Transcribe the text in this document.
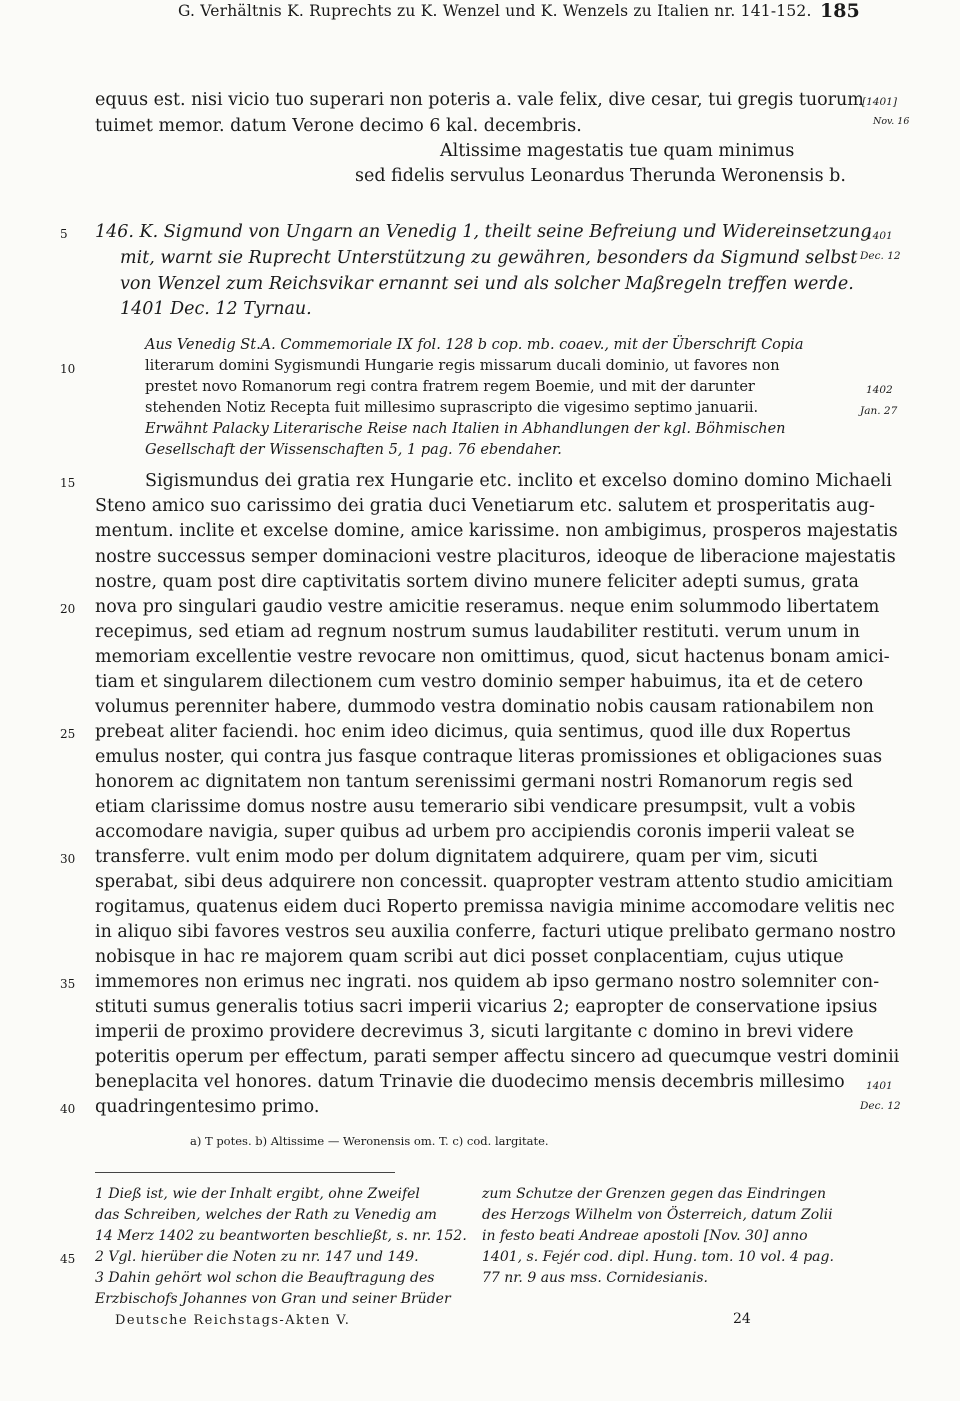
G. Verhältnis K. Ruprechts zu K. Wenzel und K. Wenzels zu Italien nr. 141-152. 185
equus est. nisi vicio tuo superari non poteris a. vale felix, dive cesar, tui gregis tuorum
tuimet memor. datum Verone decimo 6 kal. decembris.
Altissime magestatis tue quam minimus
sed fidelis servulus Leonardus Therunda Weronensis b.
146. K. Sigmund von Ungarn an Venedig 1, theilt seine Befreiung und Widereinsetzung
mit, warnt sie Ruprecht Unterstützung zu gewähren, besonders da Sigmund selbst
von Wenzel zum Reichsvikar ernannt sei und als solcher Maßregeln treffen werde.
1401 Dec. 12 Tyrnau.
Aus Venedig St.A. Commemoriale IX fol. 128 b cop. mb. coaev., mit der Überschrift Copia
literarum domini Sygismundi Hungarie regis missarum ducali dominio, ut favores non
prestet novo Romanorum regi contra fratrem regem Boemie, und mit der darunter
stehenden Notiz Recepta fuit millesimo suprascripto die vigesimo septimo januarii.
Erwähnt Palacky Literarische Reise nach Italien in Abhandlungen der kgl. Böhmischen
Gesellschaft der Wissenschaften 5, 1 pag. 76 ebendaher.
Sigismundus dei gratia rex Hungarie etc. inclito et excelso domino domino Michaeli
Steno amico suo carissimo dei gratia duci Venetiarum etc. salutem et prosperitatis aug-
mentum. inclite et excelse domine, amice karissime. non ambigimus, prosperos majestatis
nostre successus semper dominacioni vestre placituros, ideoque de liberacione majestatis
nostre, quam post dire captivitatis sortem divino munere feliciter adepti sumus, grata
nova pro singulari gaudio vestre amicitie reseramus. neque enim solummodo libertatem
recepimus, sed etiam ad regnum nostrum sumus laudabiliter restituti. verum unum in
memoriam excellentie vestre revocare non omittimus, quod, sicut hactenus bonam amici-
tiam et singularem dilectionem cum vestro dominio semper habuimus, ita et de cetero
volumus perenniter habere, dummodo vestra dominatio nobis causam rationabilem non
prebeat aliter faciendi. hoc enim ideo dicimus, quia sentimus, quod ille dux Ropertus
emulus noster, qui contra jus fasque contraque literas promissiones et obligaciones suas
honorem ac dignitatem non tantum serenissimi germani nostri Romanorum regis sed
etiam clarissime domus nostre ausu temerario sibi vendicare presumpsit, vult a vobis
accomodare navigia, super quibus ad urbem pro accipiendis coronis imperii valeat se
transferre. vult enim modo per dolum dignitatem adquirere, quam per vim, sicuti
sperabat, sibi deus adquirere non concessit. quapropter vestram attento studio amicitiam
rogitamus, quatenus eidem duci Roperto premissa navigia minime accomodare velitis nec
in aliquo sibi favores vestros seu auxilia conferre, facturi utique prelibato germano nostro
nobisque in hac re majorem quam scribi aut dici posset conplacentiam, cujus utique
immemores non erimus nec ingrati. nos quidem ab ipso germano nostro solemniter con-
stituti sumus generalis totius sacri imperii vicarius 2; eapropter de conservatione ipsius
imperii de proximo providere decrevimus 3, sicuti largitante c domino in brevi videre
poteritis operum per effectum, parati semper affectu sincero ad quecumque vestri dominii
beneplacita vel honores. datum Trinavie die duodecimo mensis decembris millesimo
quadringentesimo primo.
5
10
15
20
25
30
35
40
45
[1401]
Nov. 16
1401
Dec. 12
1402
Jan. 27
1401
Dec. 12
a) T potes. b) Altissime — Weronensis om. T. c) cod. largitate.
1 Dieß ist, wie der Inhalt ergibt, ohne Zweifel
das Schreiben, welches der Rath zu Venedig am
14 Merz 1402 zu beantworten beschließt, s. nr. 152.
2 Vgl. hierüber die Noten zu nr. 147 und 149.
3 Dahin gehört wol schon die Beauftragung des
Erzbischofs Johannes von Gran und seiner Brüder
zum Schutze der Grenzen gegen das Eindringen
des Herzogs Wilhelm von Österreich, datum Zolii
in festo beati Andreae apostoli [Nov. 30] anno
1401, s. Fejér cod. dipl. Hung. tom. 10 vol. 4 pag.
77 nr. 9 aus mss. Cornidesianis.
Deutsche Reichstags-Akten V.	24
